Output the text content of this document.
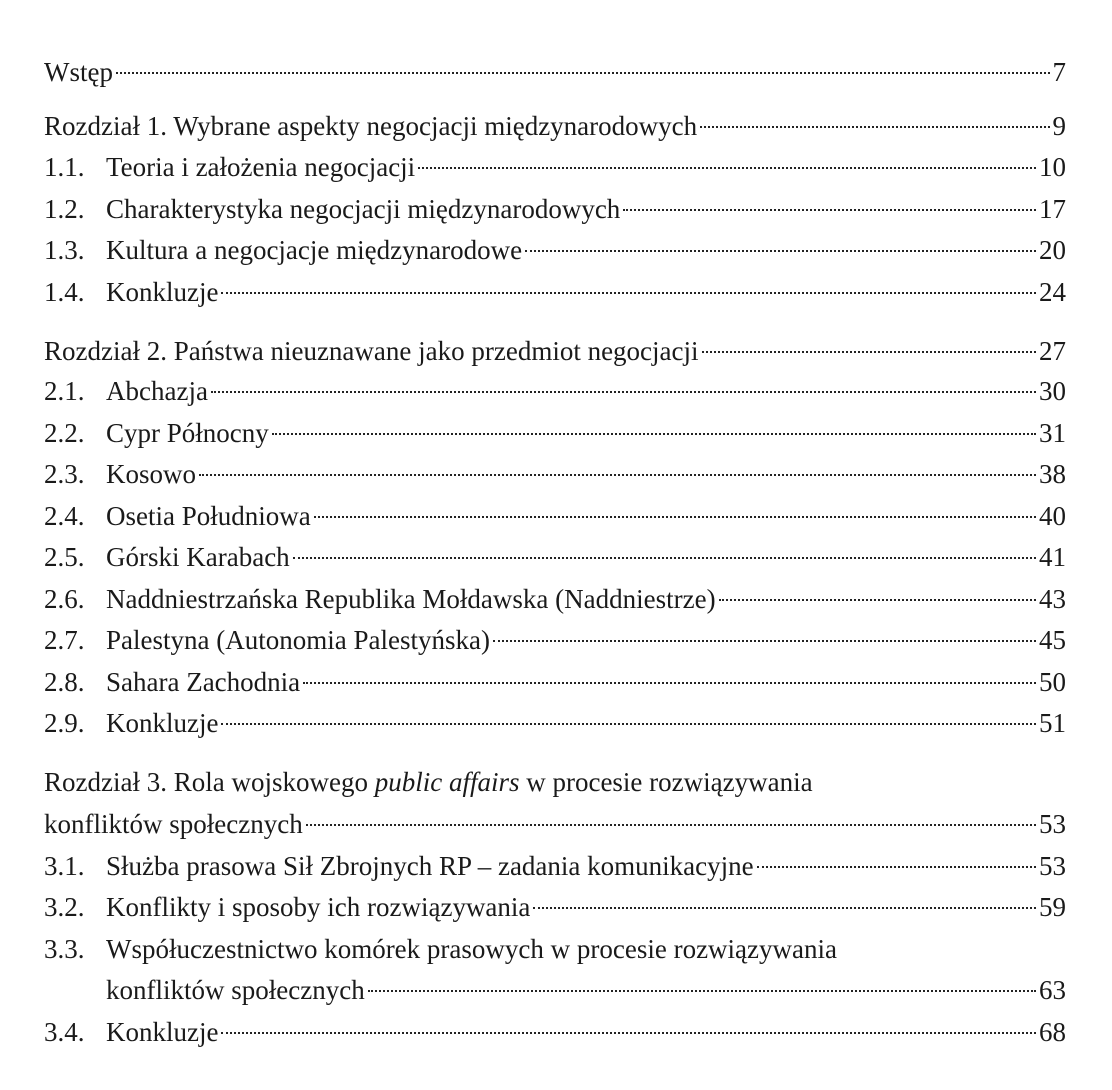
Wstęp	7
Rozdział 1. Wybrane aspekty negocjacji międzynarodowych	9
1.1. Teoria i założenia negocjacji	10
1.2. Charakterystyka negocjacji międzynarodowych	17
1.3. Kultura a negocjacje międzynarodowe	20
1.4. Konkluzje	24
Rozdział 2. Państwa nieuznawane jako przedmiot negocjacji	27
2.1. Abchazja	30
2.2. Cypr Północny	31
2.3. Kosowo	38
2.4. Osetia Południowa	40
2.5. Górski Karabach	41
2.6. Naddniestrzańska Republika Mołdawska (Naddniestrze)	43
2.7. Palestyna (Autonomia Palestyńska)	45
2.8. Sahara Zachodnia	50
2.9. Konkluzje	51
Rozdział 3. Rola wojskowego public affairs w procesie rozwiązywania
konfliktów społecznych	53
3.1. Służba prasowa Sił Zbrojnych RP – zadania komunikacyjne	53
3.2. Konflikty i sposoby ich rozwiązywania	59
3.3. Współuczestnictwo komórek prasowych w procesie rozwiązywania
konfliktów społecznych	63
3.4. Konkluzje	68
